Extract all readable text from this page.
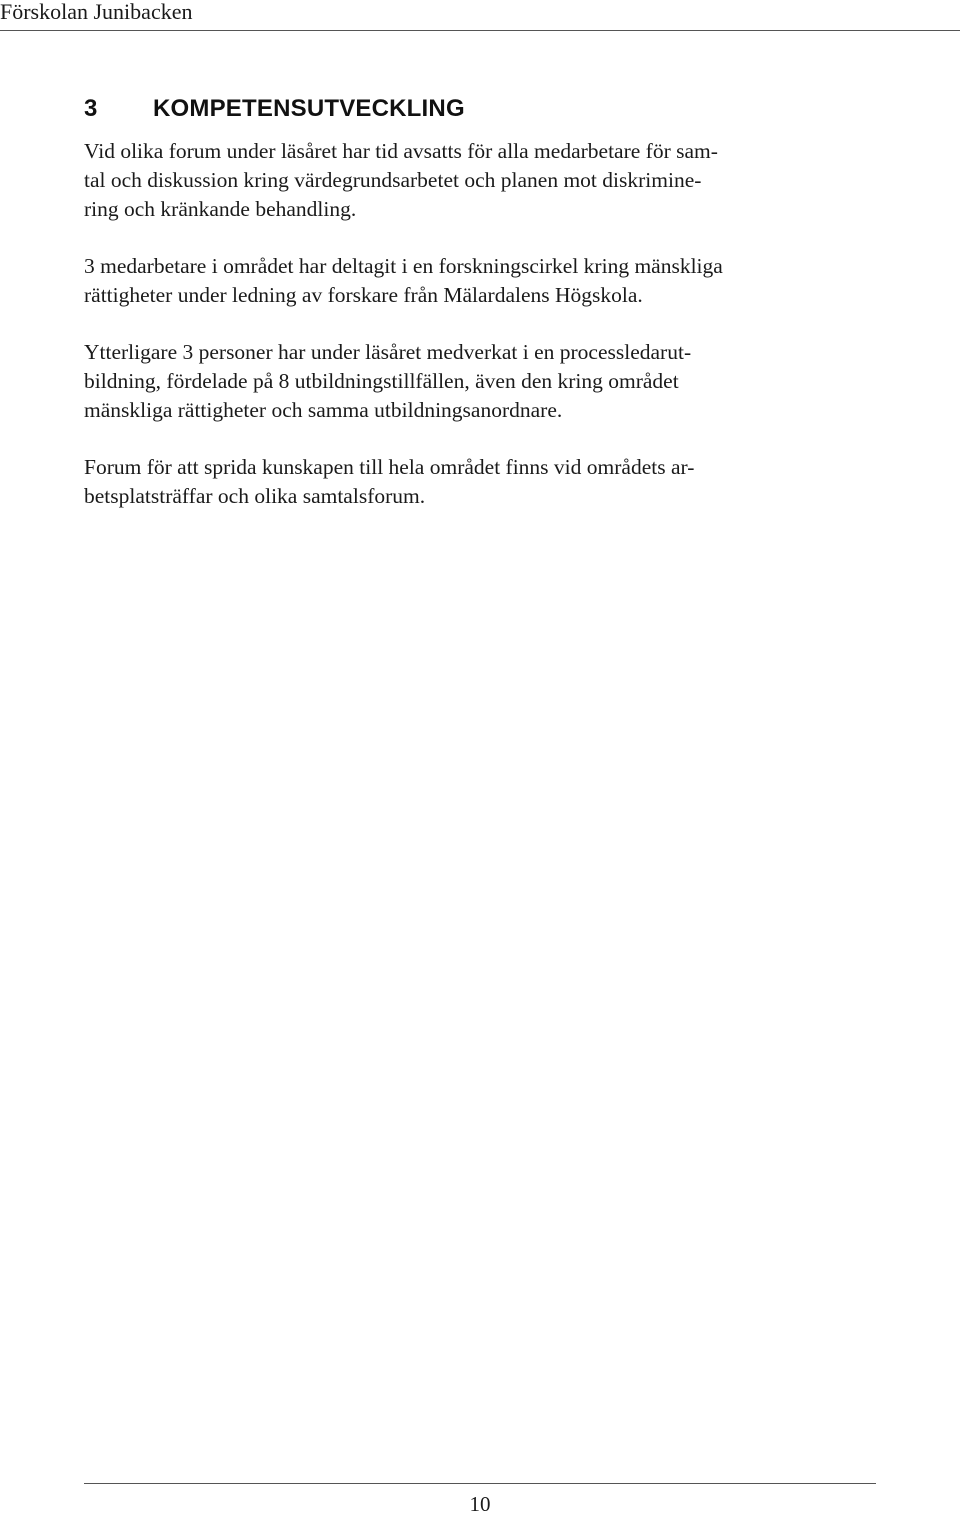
Förskolan Junibacken
3 KOMPETENSUTVECKLING

Vid olika forum under läsåret har tid avsatts för alla medarbetare för sam-
tal och diskussion kring värdegrundsarbetet och planen mot diskrimine-
ring och kränkande behandling.

3 medarbetare i området har deltagit i en forskningscirkel kring mänskliga
rättigheter under ledning av forskare från Mälardalens Högskola.

Ytterligare 3 personer har under läsåret medverkat i en processledarut-
bildning, fördelade på 8 utbildningstillfällen, även den kring området
mänskliga rättigheter och samma utbildningsanordnare.

Forum för att sprida kunskapen till hela området finns vid områdets ar-
betsplatsträffar och olika samtalsforum.

10
